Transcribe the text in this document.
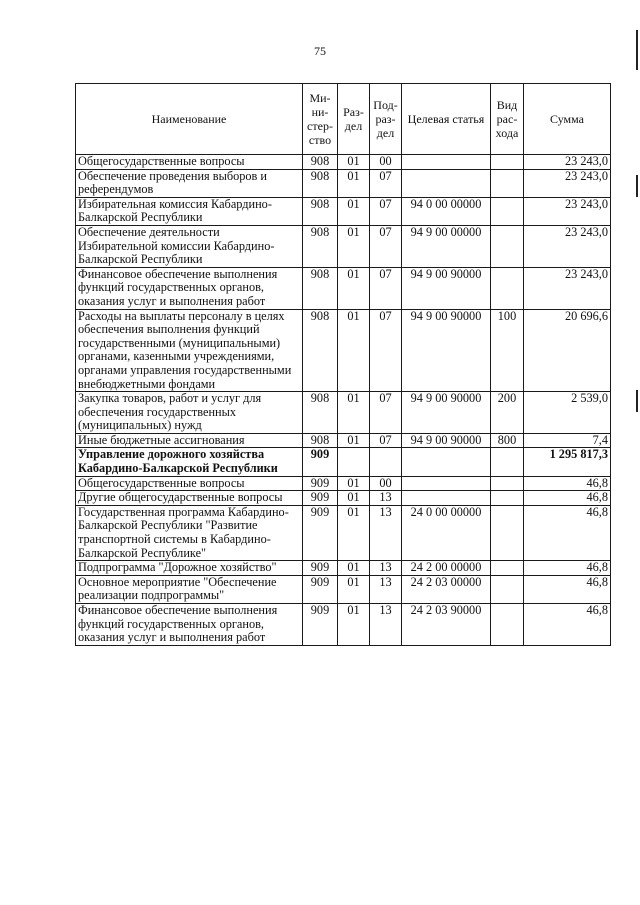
75
Наименование	Ми-ни-стер-ство	Раз-дел	Под-раз-дел	Целевая статья	Вид рас-хода	Сумма
Общегосударственные вопросы	908	01	00			23 243,0
Обеспечение проведения выборов и референдумов	908	01	07			23 243,0
Избирательная комиссия Кабардино-Балкарской Республики	908	01	07	94 0 00 00000		23 243,0
Обеспечение деятельности Избирательной комиссии Кабардино-Балкарской Республики	908	01	07	94 9 00 00000		23 243,0
Финансовое обеспечение выполнения функций государственных органов, оказания услуг и выполнения работ	908	01	07	94 9 00 90000		23 243,0
Расходы на выплаты персоналу в целях обеспечения выполнения функций государственными (муниципальными) органами, казенными учреждениями, органами управления государственными внебюджетными фондами	908	01	07	94 9 00 90000	100	20 696,6
Закупка товаров, работ и услуг для обеспечения государственных (муниципальных) нужд	908	01	07	94 9 00 90000	200	2 539,0
Иные бюджетные ассигнования	908	01	07	94 9 00 90000	800	7,4
Управление дорожного хозяйства Кабардино-Балкарской Республики	909					1 295 817,3
Общегосударственные вопросы	909	01	00			46,8
Другие общегосударственные вопросы	909	01	13			46,8
Государственная программа Кабардино-Балкарской Республики "Развитие транспортной системы в Кабардино-Балкарской Республике"	909	01	13	24 0 00 00000		46,8
Подпрограмма "Дорожное хозяйство"	909	01	13	24 2 00 00000		46,8
Основное мероприятие "Обеспечение реализации подпрограммы"	909	01	13	24 2 03 00000		46,8
Финансовое обеспечение выполнения функций государственных органов, оказания услуг и выполнения работ	909	01	13	24 2 03 90000		46,8
